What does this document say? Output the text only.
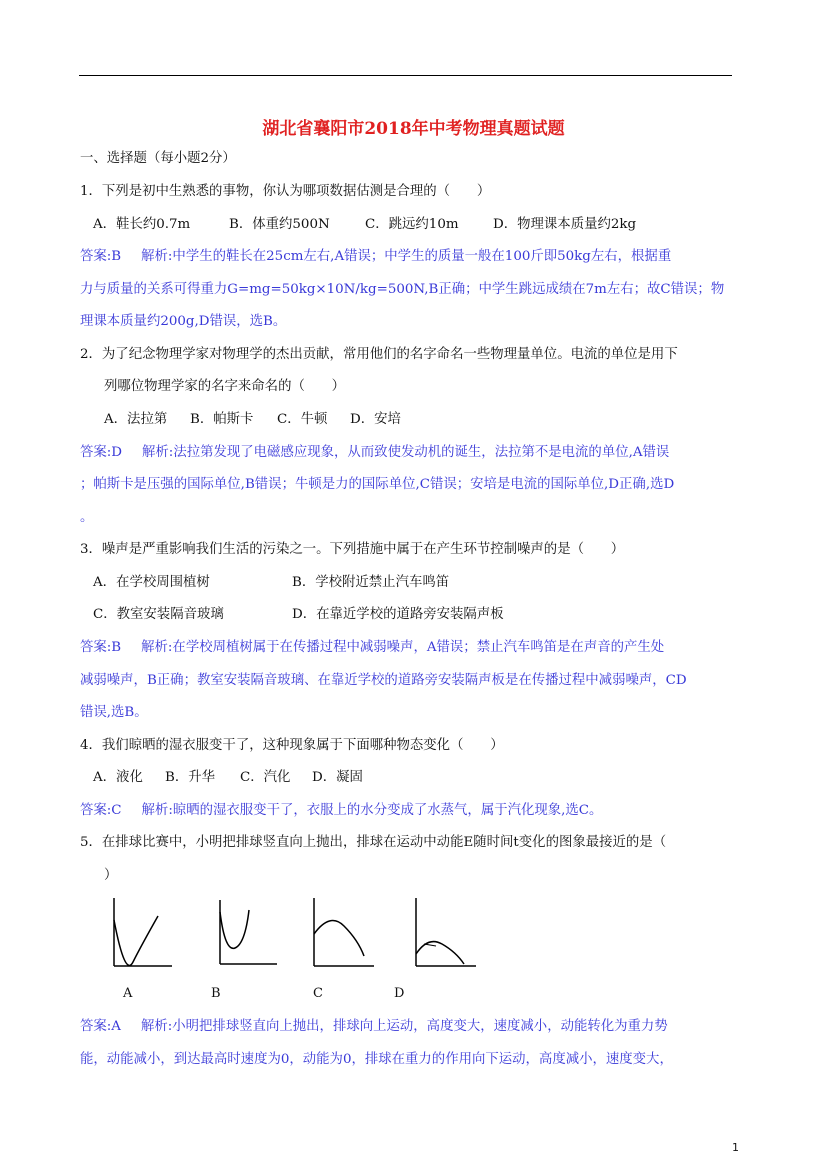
湖北省襄阳市2018年中考物理真题试题
一、选择题（每小题2分）
1．下列是初中生熟悉的事物，你认为哪项数据估测是合理的（　　）
A．鞋长约0.7m	B．体重约500N	C．跳远约10m	D．物理课本质量约2kg
答案:B 解析:中学生的鞋长在25cm左右,A错误；中学生的质量一般在100斤即50kg左右，根据重
力与质量的关系可得重力G=mg=50kg×10N/kg=500N,B正确；中学生跳远成绩在7m左右；故C错误；物
理课本质量约200g,D错误，选B。
2．为了纪念物理学家对物理学的杰出贡献，常用他们的名字命名一些物理量单位。电流的单位是用下
列哪位物理学家的名字来命名的（　　）
A．法拉第 B．帕斯卡 C．牛顿 D．安培
答案:D 解析:法拉第发现了电磁感应现象，从而致使发动机的诞生，法拉第不是电流的单位,A错误
；帕斯卡是压强的国际单位,B错误；牛顿是力的国际单位,C错误；安培是电流的国际单位,D正确,选D
。
3．噪声是严重影响我们生活的污染之一。下列措施中属于在产生环节控制噪声的是（　　）
A．在学校周围植树	B．学校附近禁止汽车鸣笛
C．教室安装隔音玻璃	D．在靠近学校的道路旁安装隔声板
答案:B 解析:在学校周植树属于在传播过程中减弱噪声，A错误；禁止汽车鸣笛是在声音的产生处
减弱噪声，B正确；教室安装隔音玻璃、在靠近学校的道路旁安装隔声板是在传播过程中减弱噪声，CD
错误,选B。
4．我们晾晒的湿衣服变干了，这种现象属于下面哪种物态变化（　　）
A．液化 B．升华 C．汽化 D．凝固
答案:C 解析:晾晒的湿衣服变干了，衣服上的水分变成了水蒸气，属于汽化现象,选C。
5．在排球比赛中，小明把排球竖直向上抛出，排球在运动中动能E随时间t变化的图象最接近的是（
）
A	B	C	D
答案:A 解析:小明把排球竖直向上抛出，排球向上运动，高度变大，速度减小，动能转化为重力势
能，动能减小，到达最高时速度为0，动能为0，排球在重力的作用向下运动，高度减小，速度变大，
1
